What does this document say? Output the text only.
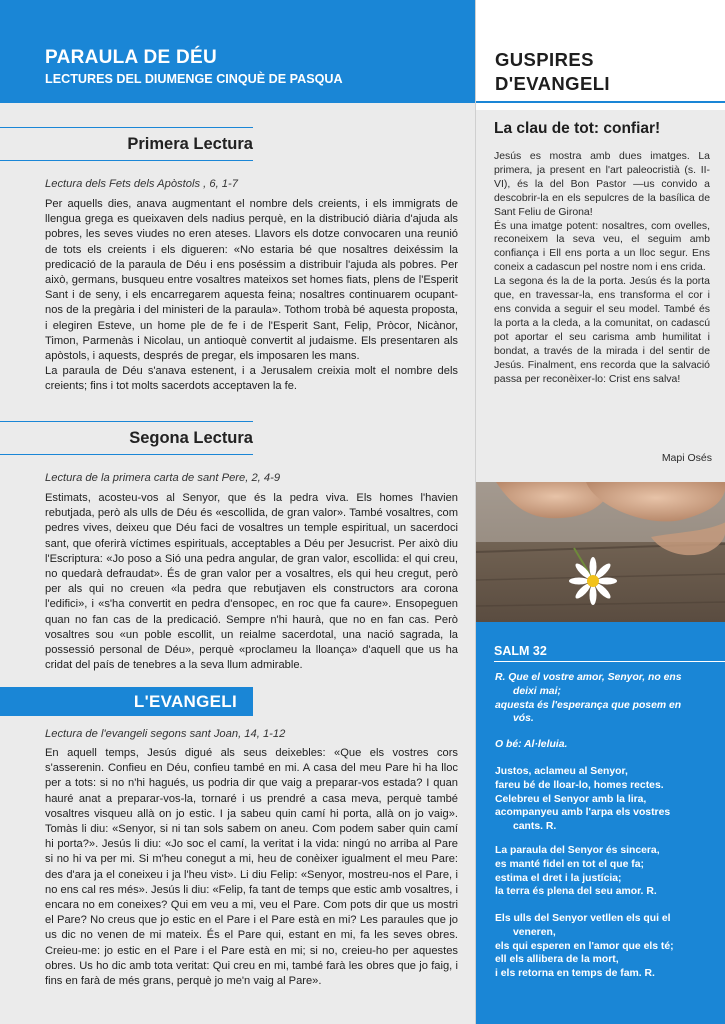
PARAULA DE DÉU
LECTURES DEL DIUMENGE CINQUÈ DE PASQUA
Primera Lectura
Lectura dels Fets dels Apòstols , 6, 1-7

Per aquells dies, anava augmentant el nombre dels creients, i els immigrats de llengua grega es queixaven dels nadius perquè, en la distribució diària d'ajuda als pobres, les seves viudes no eren ateses. Llavors els dotze convocaren una reunió de tots els creients i els digueren: «No estaria bé que nosaltres deixéssim la predicació de la paraula de Déu i ens poséssim a distribuir l'ajuda als pobres. Per això, germans, busqueu entre vosaltres mateixos set homes fiats, plens de l'Esperit Sant i de seny, i els encarregarem aquesta feina; nosaltres continuarem ocupant-nos de la pregària i del ministeri de la paraula». Tothom trobà bé aquesta proposta, i elegiren Esteve, un home ple de fe i de l'Esperit Sant, Felip, Pròcor, Nicànor, Timon, Parmenàs i Nicolau, un antioquè convertit al judaisme. Els presentaren als apòstols, i aquests, després de pregar, els imposaren les mans.

La paraula de Déu s'anava estenent, i a Jerusalem creixia molt el nombre dels creients; fins i tot molts sacerdots acceptaven la fe.

Segona Lectura
Lectura de la primera carta de sant Pere, 2, 4-9

Estimats, acosteu-vos al Senyor, que és la pedra viva. Els homes l'havien rebutjada, però als ulls de Déu és «escollida, de gran valor». També vosaltres, com pedres vives, deixeu que Déu faci de vosaltres un temple espiritual, un sacerdoci sant, que oferirà víctimes espirituals, acceptables a Déu per Jesucrist. Per això diu l'Escriptura: «Jo poso a Sió una pedra angular, de gran valor, escollida: el qui creu, no quedarà defraudat». És de gran valor per a vosaltres, els qui heu cregut, però per als qui no creuen «la pedra que rebutjaven els constructors ara corona l'edifici», i «s'ha convertit en pedra d'ensopec, en roc que fa caure». Ensopeguen quan no fan cas de la predicació. Sempre n'hi haurà, que no en fan cas. Però vosaltres sou «un poble escollit, un reialme sacerdotal, una nació sagrada, la possessió personal de Déu», perquè «proclameu la lloança» d'aquell que us ha cridat del país de tenebres a la seva llum admirable.

L'EVANGELI
Lectura de l'evangeli segons sant Joan, 14, 1-12

En aquell temps, Jesús digué als seus deixebles: «Que els vostres cors s'asserenin. Confieu en Déu, confieu també en mi. A casa del meu Pare hi ha lloc per a tots: si no n'hi hagués, us podria dir que vaig a preparar-vos estada? I quan hauré anat a preparar-vos-la, tornaré i us prendré a casa meva, perquè també vosaltres visqueu allà on jo estic. I ja sabeu quin camí hi porta, allà on jo vaig». Tomàs li diu: «Senyor, si ni tan sols sabem on aneu. Com podem saber quin camí hi porta?». Jesús li diu: «Jo soc el camí, la veritat i la vida: ningú no arriba al Pare si no hi va per mi. Si m'heu conegut a mi, heu de conèixer igualment el meu Pare: des d'ara ja el coneixeu i ja l'heu vist». Li diu Felip: «Senyor, mostreu-nos el Pare, i no ens cal res més». Jesús li diu: «Felip, fa tant de temps que estic amb vosaltres, i encara no em coneixes? Qui em veu a mi, veu el Pare. Com pots dir que us mostri el Pare? No creus que jo estic en el Pare i el Pare està en mi? Les paraules que jo us dic no venen de mi mateix. És el Pare qui, estant en mi, fa les seves obres. Creieu-me: jo estic en el Pare i el Pare està en mi; si no, creieu-ho per aquestes obres. Us ho dic amb tota veritat: Qui creu en mi, també farà les obres que jo faig, i fins en farà de més grans, perquè jo me'n vaig al Pare».

GUSPIRES
D'EVANGELI
La clau de tot: confiar!

Jesús es mostra amb dues imatges. La primera, ja present en l'art paleocristià (s. II-VI), és la del Bon Pastor —us convido a descobrir-la en els sepulcres de la basílica de Sant Feliu de Girona!

És una imatge potent: nosaltres, com ovelles, reconeixem la seva veu, el seguim amb confiança i Ell ens porta a un lloc segur. Ens coneix a cadascun pel nostre nom i ens crida.

La segona és la de la porta. Jesús és la porta que, en travessar-la, ens transforma el cor i ens convida a seguir el seu model. També és la porta a la cleda, a la comunitat, on cadascú pot aportar el seu carisma amb humilitat i bondat, a través de la mirada i del sentir de Jesús. Finalment, ens recorda que la salvació passa per reconèixer-lo: Crist ens salva!

Mapi Osés
SALM 32
R. Que el vostre amor, Senyor, no ens
deixi mai;
aquesta és l'esperança que posem en
vós.
O bé: Al·leluia.
Justos, aclameu al Senyor,
fareu bé de lloar-lo, homes rectes.
Celebreu el Senyor amb la lira,
acompanyeu amb l'arpa els vostres
cants. R.
La paraula del Senyor és sincera,
es manté fidel en tot el que fa;
estima el dret i la justícia;
la terra és plena del seu amor. R.
Els ulls del Senyor vetllen els qui el
veneren,
els qui esperen en l'amor que els té;
ell els allibera de la mort,
i els retorna en temps de fam. R.
